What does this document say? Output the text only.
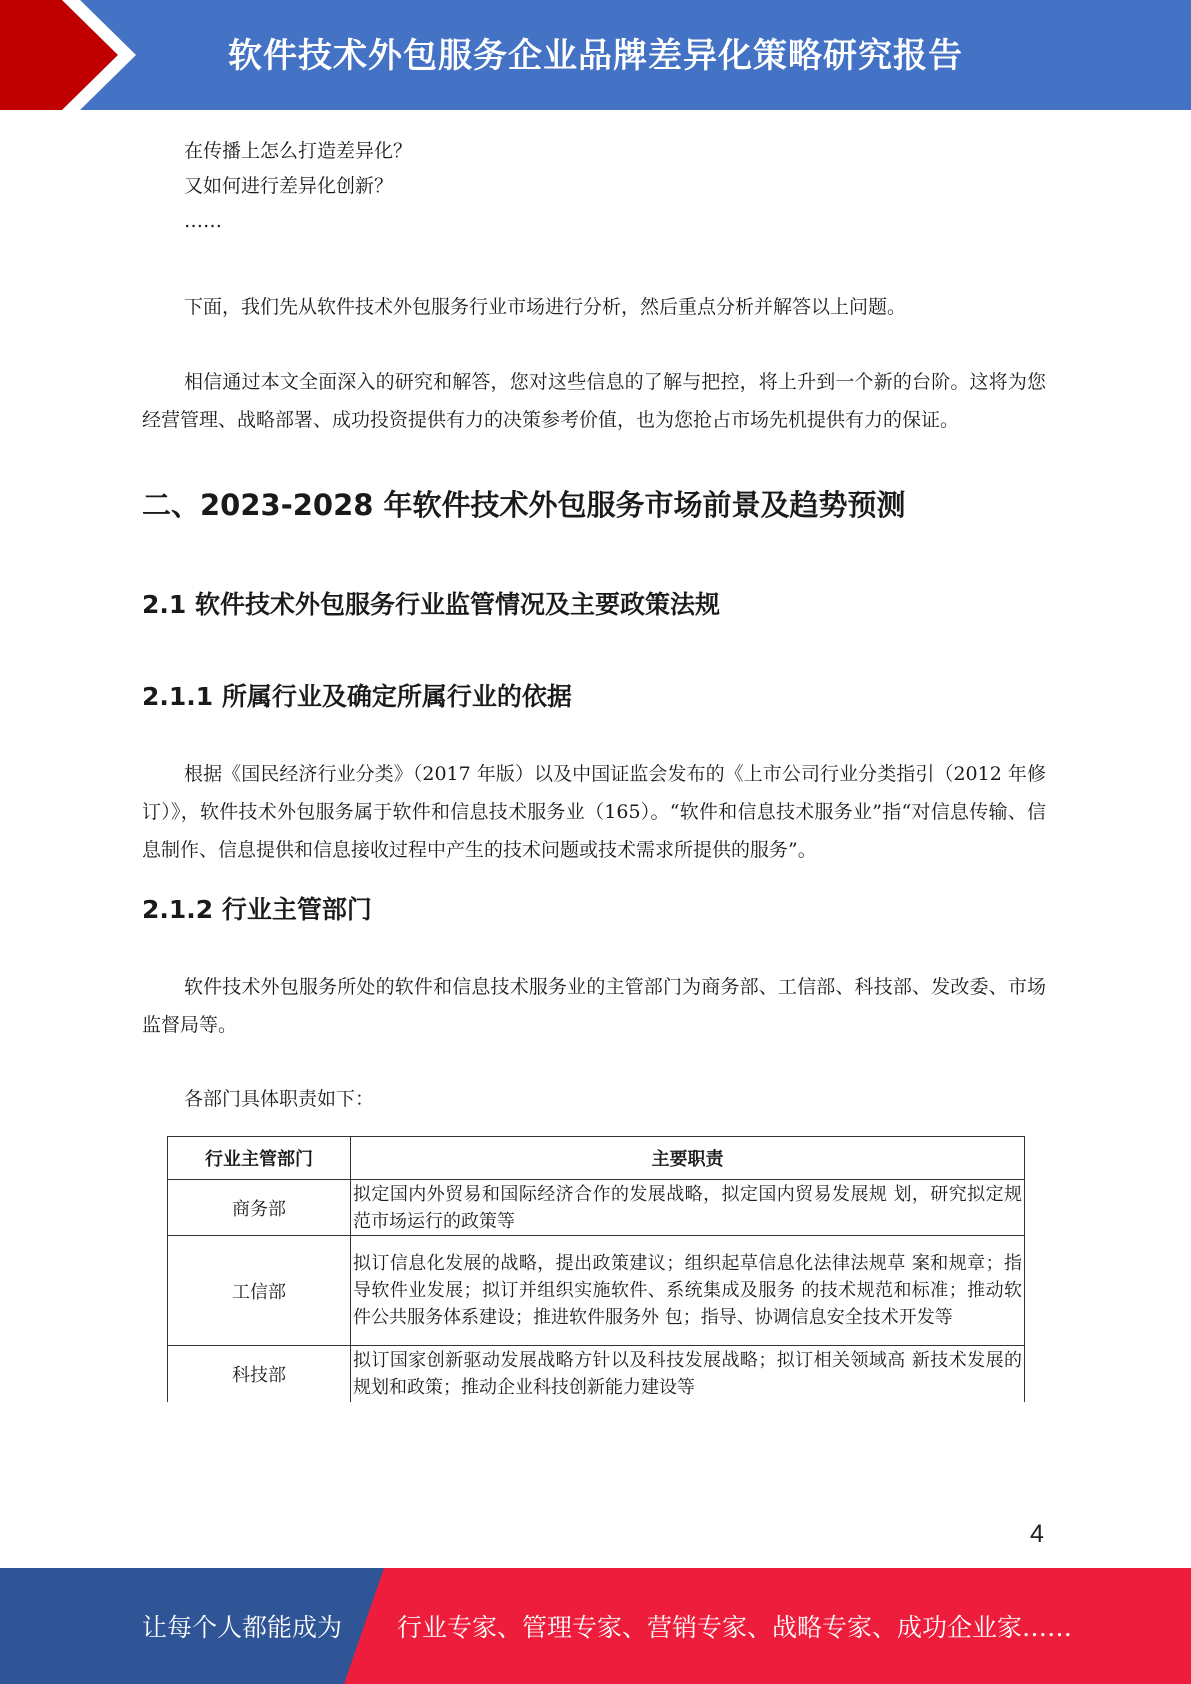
软件技术外包服务企业品牌差异化策略研究报告

在传播上怎么打造差异化？

又如何进行差异化创新？

……

下面，我们先从软件技术外包服务行业市场进行分析，然后重点分析并解答以上问题。

相信通过本文全面深入的研究和解答，您对这些信息的了解与把控，将上升到一个新的台阶。这将为您经营管理、战略部署、成功投资提供有力的决策参考价值，也为您抢占市场先机提供有力的保证。

二、2023-2028 年软件技术外包服务市场前景及趋势预测
2.1 软件技术外包服务行业监管情况及主要政策法规
2.1.1 所属行业及确定所属行业的依据

根据《国民经济行业分类》（2017 年版）以及中国证监会发布的《上市公司行业分类指引（2012 年修订）》，软件技术外包服务属于软件和信息技术服务业（165）。“软件和信息技术服务业”指“对信息传输、信息制作、信息提供和信息接收过程中产生的技术问题或技术需求所提供的服务”。

2.1.2 行业主管部门

软件技术外包服务所处的软件和信息技术服务业的主管部门为商务部、工信部、科技部、发改委、市场监督局等。

各部门具体职责如下：

行业主管部门	主要职责
商务部	拟定国内外贸易和国际经济合作的发展战略，拟定国内贸易发展规 划，研究拟定规范市场运行的政策等
工信部	拟订信息化发展的战略，提出政策建议；组织起草信息化法律法规草 案和规章；指导软件业发展；拟订并组织实施软件、系统集成及服务 的技术规范和标准；推动软件公共服务体系建设；推进软件服务外 包；指导、协调信息安全技术开发等
科技部	拟订国家创新驱动发展战略方针以及科技发展战略；拟订相关领域高 新技术发展的规划和政策；推动企业科技创新能力建设等
4
让每个人都能成为 行业专家、管理专家、营销专家、战略专家、成功企业家……
